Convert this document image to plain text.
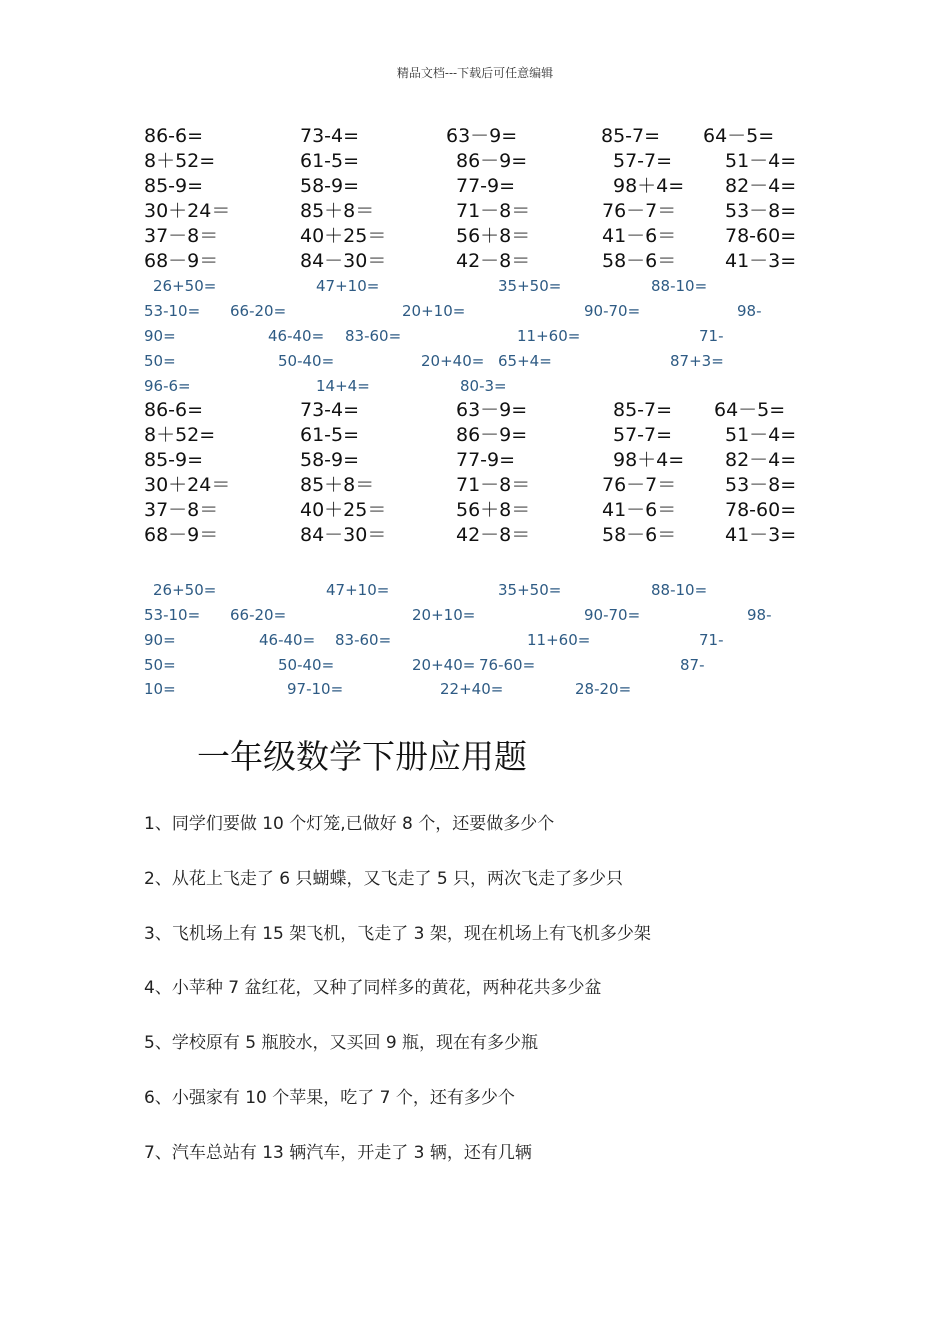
精品文档---下载后可任意编辑
86-6=	73-4=	63－9=	85-7= 64－5=
8＋52=	61-5=	86－9=	57-7=	51－4=
85-9=	58-9=	77-9=	98＋4= 82－4=
30＋24＝	85＋8＝	71－8＝	76－7＝	53－8=
37－8＝	40＋25＝	56＋8＝	41－6＝	78-60=
68－9＝	84－30＝	42－8＝	58－6＝	41－3=
26+50=	47+10=	35+50=	88-10=
53-10= 66-20=	20+10=	90-70=	98-
90=	46-40= 83-60=	11+60=	71-
50=	50-40=	20+40= 65+4=	87+3=
96-6=	14+4=	80-3=
86-6=	73-4=	63－9=	85-7= 64－5=
8＋52=	61-5=	86－9=	57-7=	51－4=
85-9=	58-9=	77-9=	98＋4= 82－4=
30＋24＝	85＋8＝	71－8＝	76－7＝	53－8=
37－8＝	40＋25＝	56＋8＝	41－6＝	78-60=
68－9＝	84－30＝	42－8＝	58－6＝	41－3=
26+50=	47+10=	35+50=	88-10=
53-10= 66-20=	20+10=	90-70=	98-
90=	46-40= 83-60=	11+60=	71-
50=	50-40=	20+40= 76-60=	87-
10=	97-10=	22+40=	28-20=
一年级数学下册应用题
1、同学们要做 10 个灯笼,已做好 8 个，还要做多少个
2、从花上飞走了 6 只蝴蝶，又飞走了 5 只，两次飞走了多少只
3、飞机场上有 15 架飞机，飞走了 3 架，现在机场上有飞机多少架
4、小苹种 7 盆红花，又种了同样多的黄花，两种花共多少盆
5、学校原有 5 瓶胶水，又买回 9 瓶，现在有多少瓶
6、小强家有 10 个苹果，吃了 7 个，还有多少个
7、汽车总站有 13 辆汽车，开走了 3 辆，还有几辆
